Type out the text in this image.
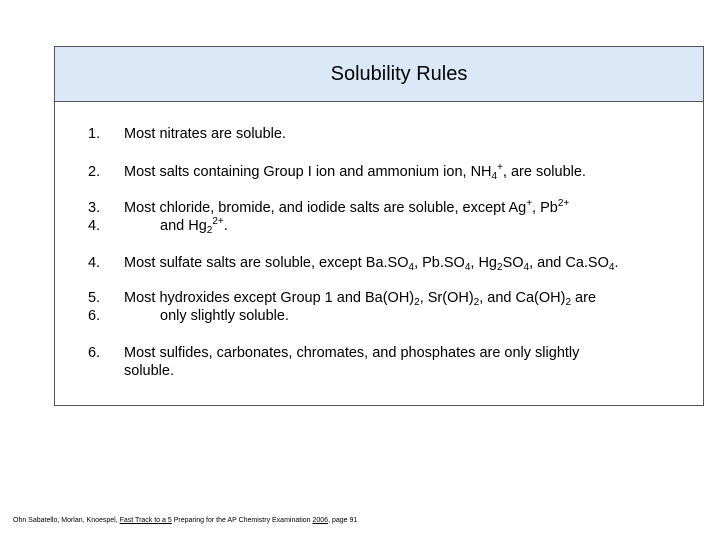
Solubility Rules
1. Most nitrates are soluble.
2. Most salts containing Group I ion and ammonium ion, $NH_4^+$, are soluble.
3.
4.
Most chloride, bromide, and iodide salts are soluble, except Ag+, $Pb^{2+}$
and $Hg_2^{2+}$.
4. Most sulfate salts are soluble, except $Ba.SO_4$, $Pb.SO_4$, $Hg_2SO_4$, and $Ca.SO_4$.
5.
6.
Most hydroxides except Group 1 and $Ba(OH)_2$, $Sr(OH)_2$, and $Ca(OH)_2$ are
only slightly soluble.
6. Most sulfides, carbonates, chromates, and phosphates are only slightly
soluble.
Ohn Sabatello, Morlan, Knoespel, Fast Track to a 5 Preparing for the AP Chemistry Examination 2006, page 91
